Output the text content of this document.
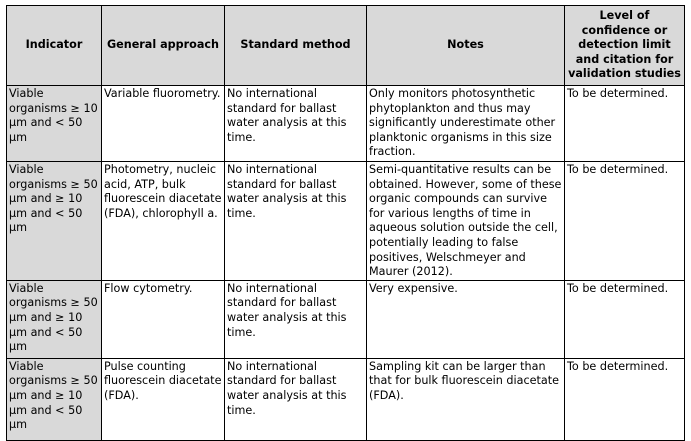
Indicator	General approach	Standard method	Notes	Level of confidence or detection limit and citation for validation studies
Viable organisms ≥ 10 µm and < 50 µm	Variable fluorometry.	No international standard for ballast water analysis at this time.	Only monitors photosynthetic phytoplankton and thus may significantly underestimate other planktonic organisms in this size fraction.	To be determined.
Viable organisms ≥ 50 µm and ≥ 10 µm and < 50 µm	Photometry, nucleic acid, ATP, bulk fluorescein diacetate (FDA), chlorophyll a.	No international standard for ballast water analysis at this time.	Semi-quantitative results can be obtained. However, some of these organic compounds can survive for various lengths of time in aqueous solution outside the cell, potentially leading to false positives, Welschmeyer and Maurer (2012).	To be determined.
Viable organisms ≥ 50 µm and ≥ 10 µm and < 50 µm	Flow cytometry.	No international standard for ballast water analysis at this time.	Very expensive.	To be determined.
Viable organisms ≥ 50 µm and ≥ 10 µm and < 50 µm	Pulse counting fluorescein diacetate (FDA).	No international standard for ballast water analysis at this time.	Sampling kit can be larger than that for bulk fluorescein diacetate (FDA).	To be determined.
